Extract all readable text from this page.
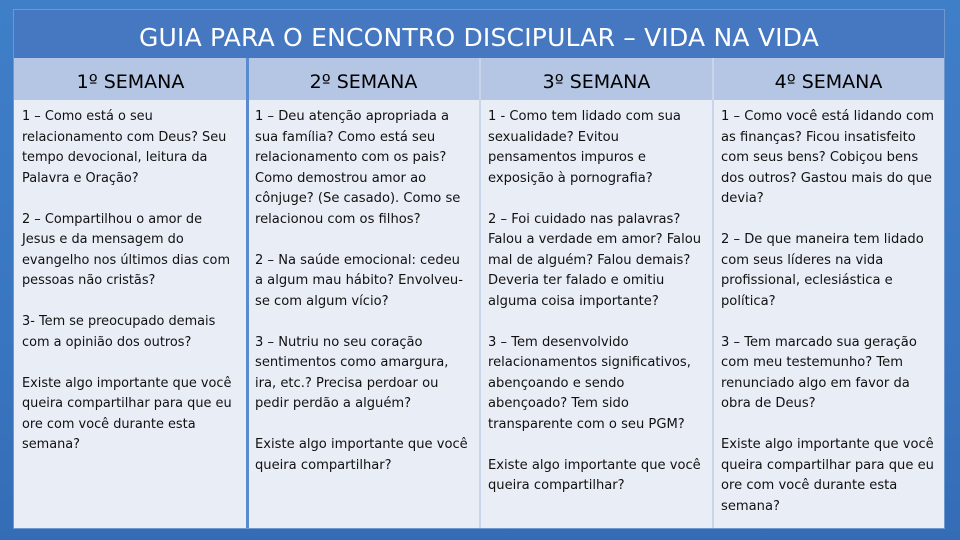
GUIA PARA O ENCONTRO DISCIPULAR – VIDA NA VIDA
1º SEMANA

1 – Como está o seu relacionamento com Deus? Seu tempo devocional, leitura da Palavra e Oração?

2 – Compartilhou o amor de Jesus e da mensagem do evangelho nos últimos dias com pessoas não cristãs?

3- Tem se preocupado demais com a opinião dos outros?

Existe algo importante que você queira compartilhar para que eu ore com você durante esta semana?

2º SEMANA

1 – Deu atenção apropriada a sua família? Como está seu relacionamento com os pais? Como demostrou amor ao cônjuge? (Se casado). Como se relacionou com os filhos?

2 – Na saúde emocional: cedeu a algum mau hábito? Envolveu-se com algum vício?

3 – Nutriu no seu coração sentimentos como amargura, ira, etc.? Precisa perdoar ou pedir perdão a alguém?

Existe algo importante que você queira compartilhar?

3º SEMANA

1 - Como tem lidado com sua sexualidade? Evitou pensamentos impuros e exposição à pornografia?

2 – Foi cuidado nas palavras? Falou a verdade em amor? Falou mal de alguém? Falou demais? Deveria ter falado e omitiu alguma coisa importante?

3 – Tem desenvolvido relacionamentos significativos, abençoando e sendo abençoado? Tem sido transparente com o seu PGM?

Existe algo importante que você queira compartilhar?

4º SEMANA

1 – Como você está lidando com as finanças? Ficou insatisfeito com seus bens? Cobiçou bens dos outros? Gastou mais do que devia?

2 – De que maneira tem lidado com seus líderes na vida profissional, eclesiástica e política?

3 – Tem marcado sua geração com meu testemunho? Tem renunciado algo em favor da obra de Deus?

Existe algo importante que você queira compartilhar para que eu ore com você durante esta semana?
